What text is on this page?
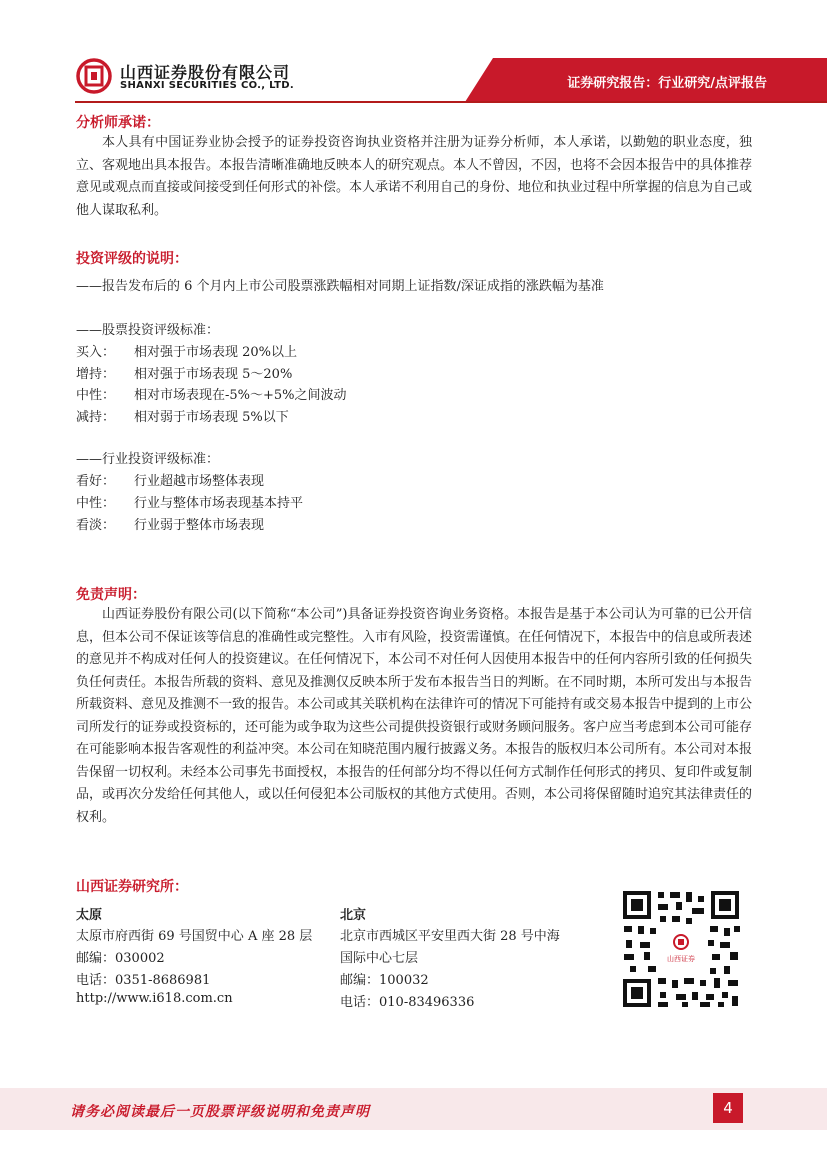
山西证券股份有限公司
SHANXI SECURITIES CO., LTD.	证券研究报告：行业研究/点评报告
分析师承诺：

本人具有中国证券业协会授予的证券投资咨询执业资格并注册为证券分析师，本人承诺，以勤勉的职业态度，独立、客观地出具本报告。本报告清晰准确地反映本人的研究观点。本人不曾因，不因，也将不会因本报告中的具体推荐意见或观点而直接或间接受到任何形式的补偿。本人承诺不利用自己的身份、地位和执业过程中所掌握的信息为自己或他人谋取私利。

投资评级的说明：
——报告发布后的 6 个月内上市公司股票涨跌幅相对同期上证指数/深证成指的涨跌幅为基准
——股票投资评级标准：
买入： 相对强于市场表现 20%以上
增持： 相对强于市场表现 5～20%
中性： 相对市场表现在-5%～+5%之间波动
减持： 相对弱于市场表现 5%以下
——行业投资评级标准：
看好： 行业超越市场整体表现
中性： 行业与整体市场表现基本持平
看淡： 行业弱于整体市场表现
免责声明：

山西证券股份有限公司(以下简称“本公司”)具备证券投资咨询业务资格。本报告是基于本公司认为可靠的已公开信息，但本公司不保证该等信息的准确性或完整性。入市有风险，投资需谨慎。在任何情况下，本报告中的信息或所表述的意见并不构成对任何人的投资建议。在任何情况下，本公司不对任何人因使用本报告中的任何内容所引致的任何损失负任何责任。本报告所载的资料、意见及推测仅反映本所于发布本报告当日的判断。在不同时期，本所可发出与本报告所载资料、意见及推测不一致的报告。本公司或其关联机构在法律许可的情况下可能持有或交易本报告中提到的上市公司所发行的证券或投资标的，还可能为或争取为这些公司提供投资银行或财务顾问服务。客户应当考虑到本公司可能存在可能影响本报告客观性的利益冲突。本公司在知晓范围内履行披露义务。本报告的版权归本公司所有。本公司对本报告保留一切权利。未经本公司事先书面授权，本报告的任何部分均不得以任何方式制作任何形式的拷贝、复印件或复制品，或再次分发给任何其他人，或以任何侵犯本公司版权的其他方式使用。否则，本公司将保留随时追究其法律责任的权利。

山西证券研究所：
太原
太原市府西街 69 号国贸中心 A 座 28 层
邮编：030002
电话：0351-8686981
http://www.i618.com.cn
北京
北京市西城区平安里西大街 28 号中海
国际中心七层
邮编：100032
电话：010-83496336
山西证券
请务必阅读最后一页股票评级说明和免责声明	4
